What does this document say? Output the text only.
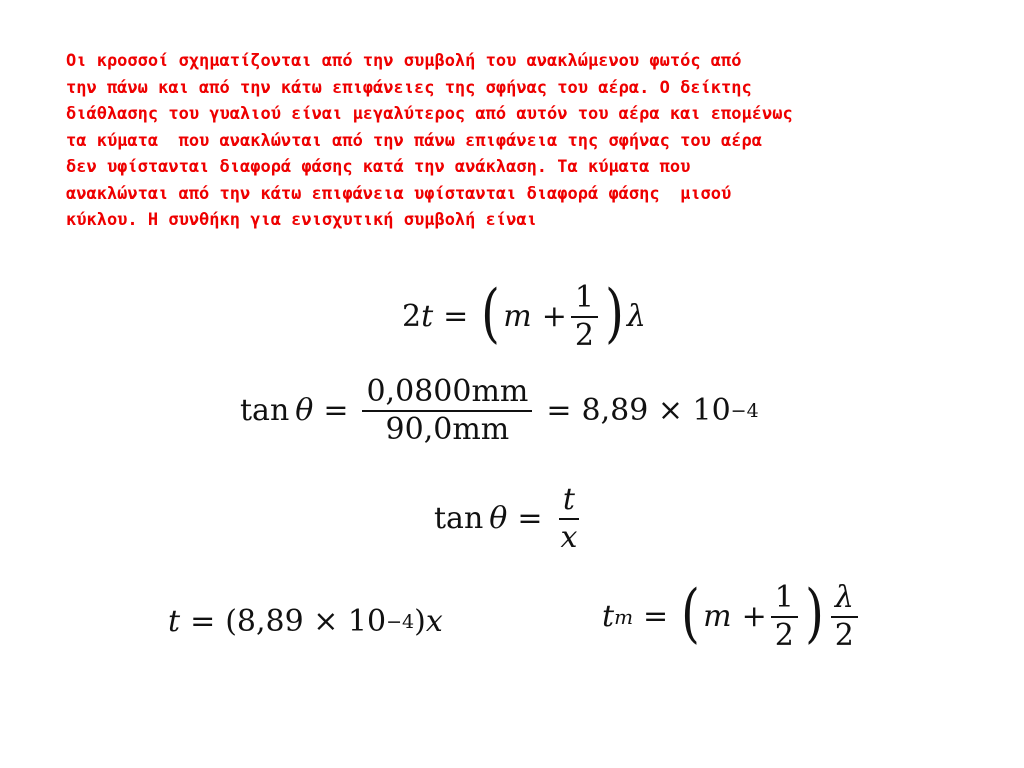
Οι κροσσοί σχηματίζονται από την συμβολή του ανακλώμενου φωτός από
την πάνω και από την κάτω επιφάνειες της σφήνας του αέρα. Ο δείκτης
διάθλασης του γυαλιού είναι μεγαλύτερος από αυτόν του αέρα και επομένως
τα κύματα  που ανακλώνται από την πάνω επιφάνεια της σφήνας του αέρα
δεν υφίστανται διαφορά φάσης κατά την ανάκλαση. Τα κύματα που
ανακλώνται από την κάτω επιφάνεια υφίστανται διαφορά φάσης  μισού
κύκλου. Η συνθήκη για ενισχυτική συμβολή είναι
2 t = ( $m + \frac{1}{2}$ ) λ
$\tan \theta = \frac{0,0800mm}{90,0mm} = 8,89 \times 10 -4$
$\tan \theta = \frac{t}{x}$
t = (8,89 × 10 −4 ) x	t m = ( $m + \frac{1}{2}$ ) $\frac{\lambda}{2}$
